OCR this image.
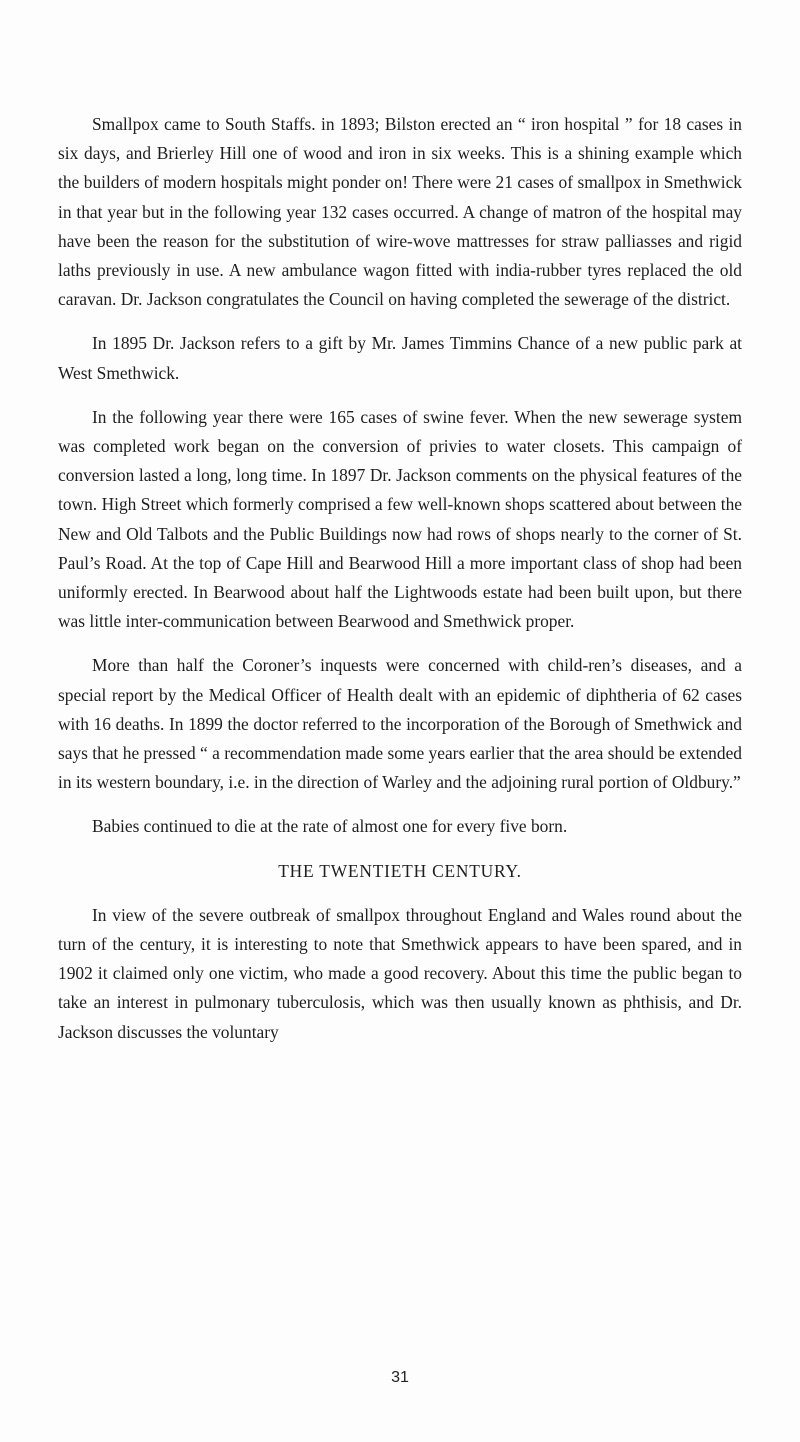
Smallpox came to South Staffs. in 1893; Bilston erected an “ iron hospital ” for 18 cases in six days, and Brierley Hill one of wood and iron in six weeks. This is a shining example which the builders of modern hospitals might ponder on! There were 21 cases of smallpox in Smethwick in that year but in the following year 132 cases occurred. A change of matron of the hospital may have been the reason for the substitution of wire-wove mattresses for straw palliasses and rigid laths previously in use. A new ambulance wagon fitted with india-rubber tyres replaced the old caravan. Dr. Jackson congratulates the Council on having completed the sewerage of the district.

In 1895 Dr. Jackson refers to a gift by Mr. James Timmins Chance of a new public park at West Smethwick.

In the following year there were 165 cases of swine fever. When the new sewerage system was completed work began on the conversion of privies to water closets. This campaign of conversion lasted a long, long time. In 1897 Dr. Jackson comments on the physical features of the town. High Street which formerly comprised a few well-known shops scattered about between the New and Old Talbots and the Public Buildings now had rows of shops nearly to the corner of St. Paul’s Road. At the top of Cape Hill and Bearwood Hill a more important class of shop had been uniformly erected. In Bearwood about half the Lightwoods estate had been built upon, but there was little inter-communication between Bearwood and Smethwick proper.

More than half the Coroner’s inquests were concerned with child-ren’s diseases, and a special report by the Medical Officer of Health dealt with an epidemic of diphtheria of 62 cases with 16 deaths. In 1899 the doctor referred to the incorporation of the Borough of Smethwick and says that he pressed “ a recommendation made some years earlier that the area should be extended in its western boundary, i.e. in the direction of Warley and the adjoining rural portion of Oldbury.”

Babies continued to die at the rate of almost one for every five born.

THE TWENTIETH CENTURY.

In view of the severe outbreak of smallpox throughout England and Wales round about the turn of the century, it is interesting to note that Smethwick appears to have been spared, and in 1902 it claimed only one victim, who made a good recovery. About this time the public began to take an interest in pulmonary tuberculosis, which was then usually known as phthisis, and Dr. Jackson discusses the voluntary

31
